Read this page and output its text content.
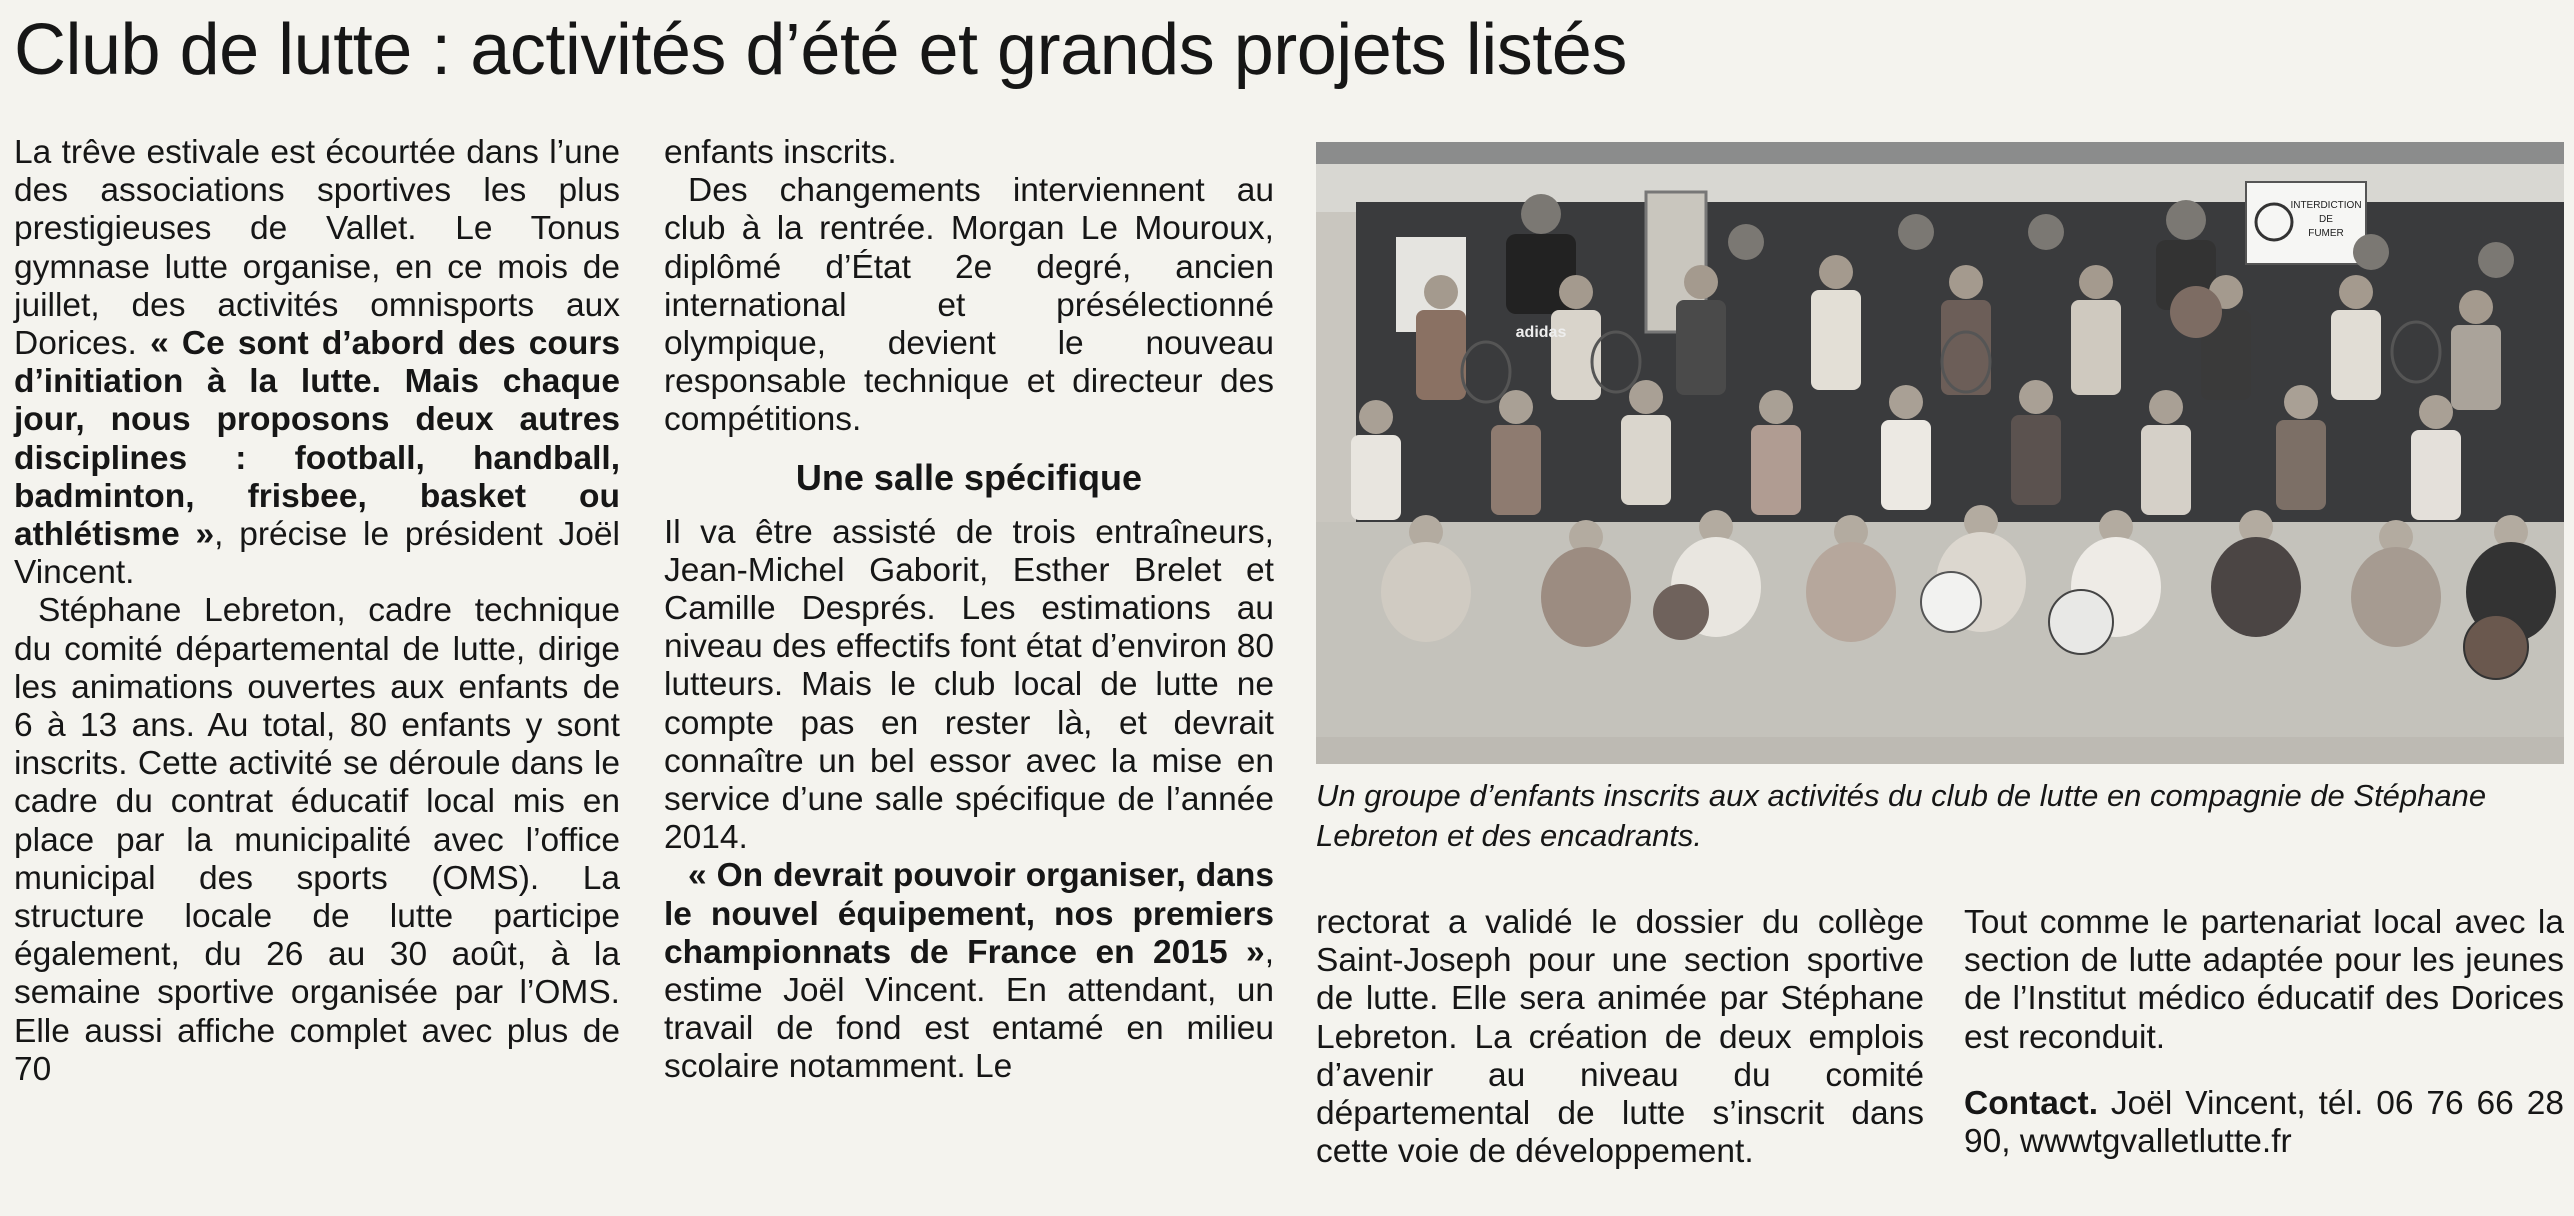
Club de lutte : activités d’été et grands projets listés

La trêve estivale est écourtée dans l’une des associations sportives les plus prestigieuses de Vallet. Le Tonus gymnase lutte organise, en ce mois de juillet, des activités omnisports aux Dorices. « Ce sont d’abord des cours d’initiation à la lutte. Mais chaque jour, nous proposons deux autres disciplines : football, handball, badminton, frisbee, basket ou athlétisme », précise le président Joël Vincent.

Stéphane Lebreton, cadre technique du comité départemental de lutte, dirige les animations ouvertes aux enfants de 6 à 13 ans. Au total, 80 enfants y sont inscrits. Cette activité se déroule dans le cadre du contrat éducatif local mis en place par la municipalité avec l’office municipal des sports (OMS). La structure locale de lutte participe également, du 26 au 30 août, à la semaine sportive organisée par l’OMS. Elle aussi affiche complet avec plus de 70

enfants inscrits.

Des changements interviennent au club à la rentrée. Morgan Le Mouroux, diplômé d’État 2e degré, ancien international et présélectionné olympique, devient le nouveau responsable technique et directeur des compétitions.

Une salle spécifique

Il va être assisté de trois entraîneurs, Jean-Michel Gaborit, Esther Brelet et Camille Després. Les estimations au niveau des effectifs font état d’environ 80 lutteurs. Mais le club local de lutte ne compte pas en rester là, et devrait connaître un bel essor avec la mise en service d’une salle spécifique de l’année 2014.

« On devrait pouvoir organiser, dans le nouvel équipement, nos premiers championnats de France en 2015 », estime Joël Vincent. En attendant, un travail de fond est entamé en milieu scolaire notamment. Le

INTERDICTION
DE
FUMER
adidas
Un groupe d’enfants inscrits aux activités du club de lutte en compagnie de Stéphane Lebreton et des encadrants.

rectorat a validé le dossier du collège Saint-Joseph pour une section sportive de lutte. Elle sera animée par Stéphane Lebreton. La création de deux emplois d’avenir au niveau du comité départemental de lutte s’inscrit dans cette voie de développement.

Tout comme le partenariat local avec la section de lutte adaptée pour les jeunes de l’Institut médico éducatif des Dorices est reconduit.

Contact. Joël Vincent, tél. 06 76 66 28 90, wwwtgvalletlutte.fr
